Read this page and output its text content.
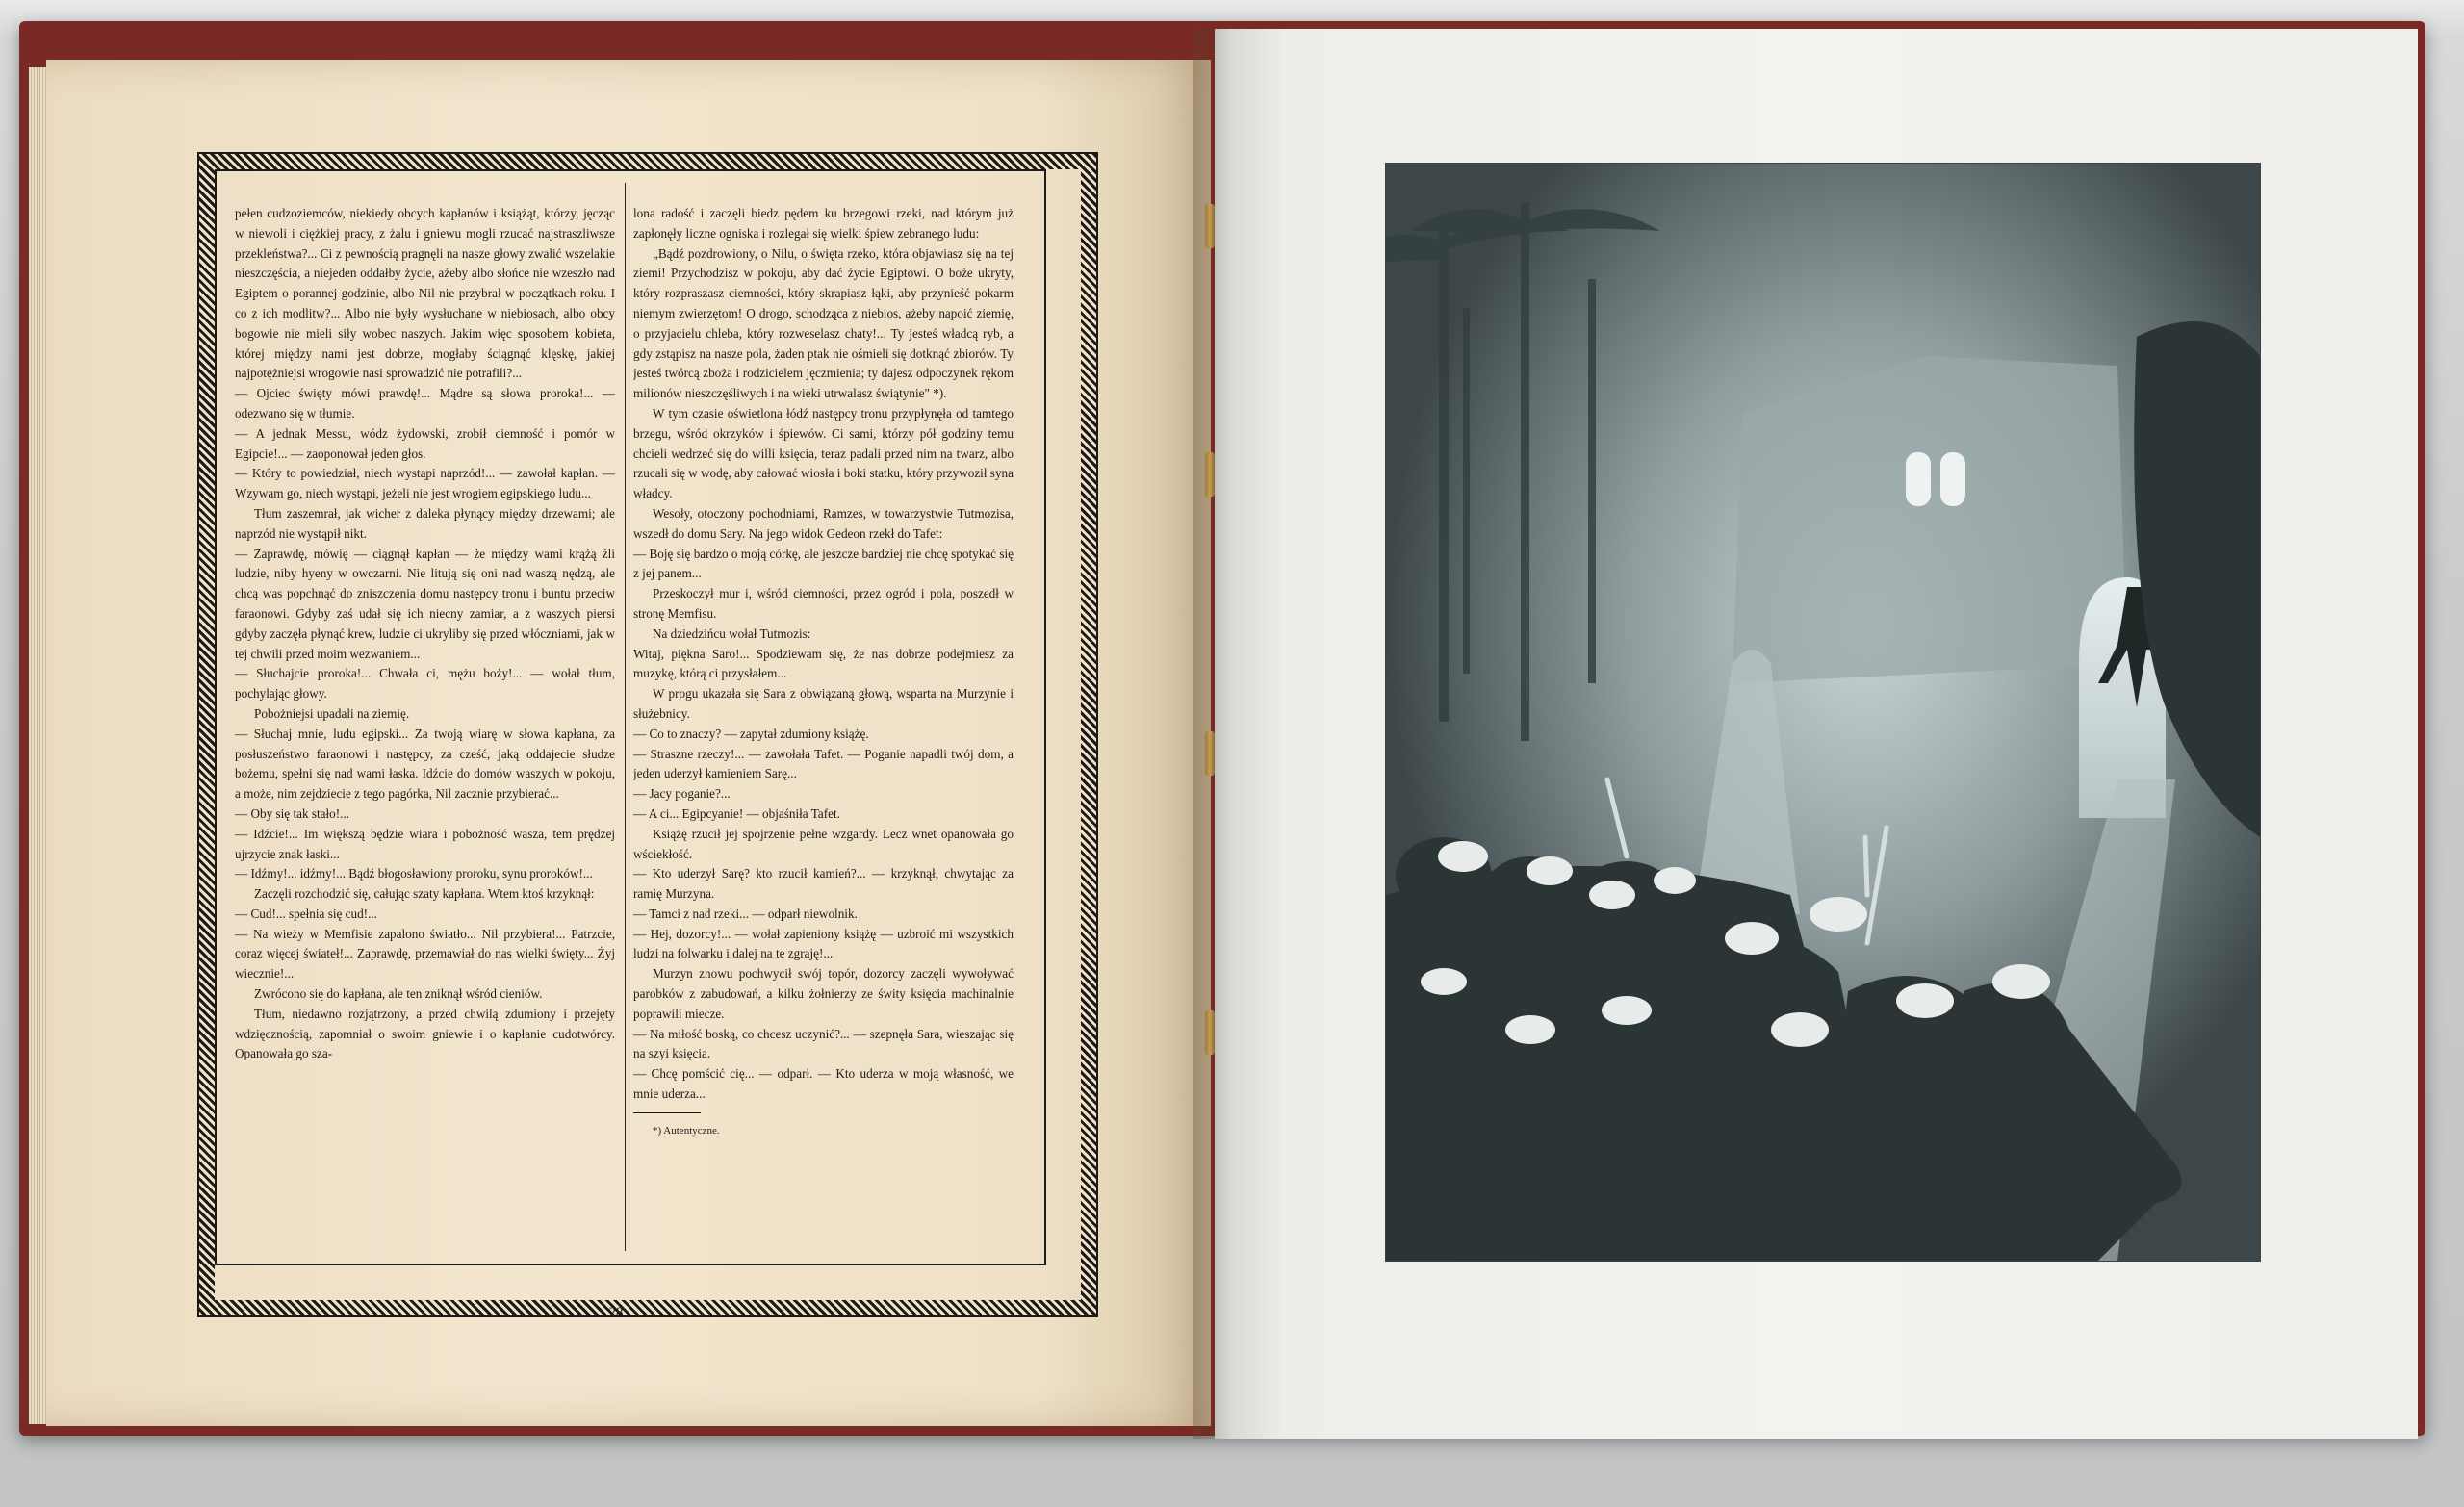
pełen cudzoziemców, niekiedy obcych kapłanów i książąt, którzy, jęcząc w niewoli i ciężkiej pracy, z żalu i gniewu mogli rzucać najstraszliwsze przekleństwa?... Ci z pewnością pragnęli na nasze głowy zwalić wszelakie nieszczęścia, a niejeden oddałby życie, ażeby albo słońce nie wzeszło nad Egiptem o porannej godzinie, albo Nil nie przybrał w początkach roku. I co z ich modlitw?... Albo nie były wysłuchane w niebiosach, albo obcy bogowie nie mieli siły wobec naszych. Jakim więc sposobem kobieta, której między nami jest dobrze, mogłaby ściągnąć klęskę, jakiej najpotężniejsi wrogowie nasi sprowadzić nie potrafili?...

— Ojciec święty mówi prawdę!... Mądre są słowa proroka!... — odezwano się w tłumie.

— A jednak Messu, wódz żydowski, zrobił ciemność i pomór w Egipcie!... — zaoponował jeden głos.

— Który to powiedział, niech wystąpi naprzód!... — zawołał kapłan. — Wzywam go, niech wystąpi, jeżeli nie jest wrogiem egipskiego ludu...

Tłum zaszemrał, jak wicher z daleka płynący między drzewami; ale naprzód nie wystąpił nikt.

— Zaprawdę, mówię — ciągnął kapłan — że między wami krążą źli ludzie, niby hyeny w owczarni. Nie litują się oni nad waszą nędzą, ale chcą was popchnąć do zniszczenia domu następcy tronu i buntu przeciw faraonowi. Gdyby zaś udał się ich niecny zamiar, a z waszych piersi gdyby zaczęła płynąć krew, ludzie ci ukryliby się przed włóczniami, jak w tej chwili przed moim wezwaniem...

— Słuchajcie proroka!... Chwała ci, mężu boży!... — wołał tłum, pochylając głowy.

Pobożniejsi upadali na ziemię.

— Słuchaj mnie, ludu egipski... Za twoją wiarę w słowa kapłana, za posłuszeństwo faraonowi i następcy, za cześć, jaką oddajecie słudze bożemu, spełni się nad wami łaska. Idźcie do domów waszych w pokoju, a może, nim zejdziecie z tego pagórka, Nil zacznie przybierać...

— Oby się tak stało!...

— Idźcie!... Im większą będzie wiara i pobożność wasza, tem prędzej ujrzycie znak łaski...

— Idźmy!... idźmy!... Bądź błogosławiony proroku, synu proroków!...

Zaczęli rozchodzić się, całując szaty kapłana. Wtem ktoś krzyknął:

— Cud!... spełnia się cud!...

— Na wieży w Memfisie zapalono światło... Nil przybiera!... Patrzcie, coraz więcej świateł!... Zaprawdę, przemawiał do nas wielki święty... Żyj wiecznie!...

Zwrócono się do kapłana, ale ten zniknął wśród cieniów.

Tłum, niedawno rozjątrzony, a przed chwilą zdumiony i przejęty wdzięcznością, zapomniał o swoim gniewie i o kapłanie cudotwórcy. Opanowała go sza-

lona radość i zaczęli biedz pędem ku brzegowi rzeki, nad którym już zapłonęły liczne ogniska i rozlegał się wielki śpiew zebranego ludu:

„Bądź pozdrowiony, o Nilu, o święta rzeko, która objawiasz się na tej ziemi! Przychodzisz w pokoju, aby dać życie Egiptowi. O boże ukryty, który rozpraszasz ciemności, który skrapiasz łąki, aby przynieść pokarm niemym zwierzętom! O drogo, schodząca z niebios, ażeby napoić ziemię, o przyjacielu chleba, który rozweselasz chaty!... Ty jesteś władcą ryb, a gdy zstąpisz na nasze pola, żaden ptak nie ośmieli się dotknąć zbiorów. Ty jesteś twórcą zboża i rodzicielem jęczmienia; ty dajesz odpoczynek rękom milionów nieszczęśliwych i na wieki utrwalasz świątynie" *).

W tym czasie oświetlona łódź następcy tronu przypłynęła od tamtego brzegu, wśród okrzyków i śpiewów. Ci sami, którzy pół godziny temu chcieli wedrzeć się do willi księcia, teraz padali przed nim na twarz, albo rzucali się w wodę, aby całować wiosła i boki statku, który przywoził syna władcy.

Wesoły, otoczony pochodniami, Ramzes, w towarzystwie Tutmozisa, wszedł do domu Sary. Na jego widok Gedeon rzekł do Tafet:

— Boję się bardzo o moją córkę, ale jeszcze bardziej nie chcę spotykać się z jej panem...

Przeskoczył mur i, wśród ciemności, przez ogród i pola, poszedł w stronę Memfisu.

Na dziedzińcu wołał Tutmozis:

Witaj, piękna Saro!... Spodziewam się, że nas dobrze podejmiesz za muzykę, którą ci przysłałem...

W progu ukazała się Sara z obwiązaną głową, wsparta na Murzynie i służebnicy.

— Co to znaczy? — zapytał zdumiony książę.

— Straszne rzeczy!... — zawołała Tafet. — Poganie napadli twój dom, a jeden uderzył kamieniem Sarę...

— Jacy poganie?...

— A ci... Egipcyanie! — objaśniła Tafet.

Książę rzucił jej spojrzenie pełne wzgardy. Lecz wnet opanowała go wściekłość.

— Kto uderzył Sarę? kto rzucił kamień?... — krzyknął, chwytając za ramię Murzyna.

— Tamci z nad rzeki... — odparł niewolnik.

— Hej, dozorcy!... — wołał zapieniony książę — uzbrоić mi wszystkich ludzi na folwarku i dalej na te zgraję!...

Murzyn znowu pochwycił swój topór, dozorcy zaczęli wywoływać parobków z zabudowań, a kilku żołnierzy ze świty księcia machinalnie poprawili miecze.

— Na miłość boską, co chcesz uczynić?... — szepnęła Sara, wieszając się na szyi księcia.

— Chcę pomścić cię... — odparł. — Kto uderza w moją własność, we mnie uderza...

*) Autentyczne.

28
